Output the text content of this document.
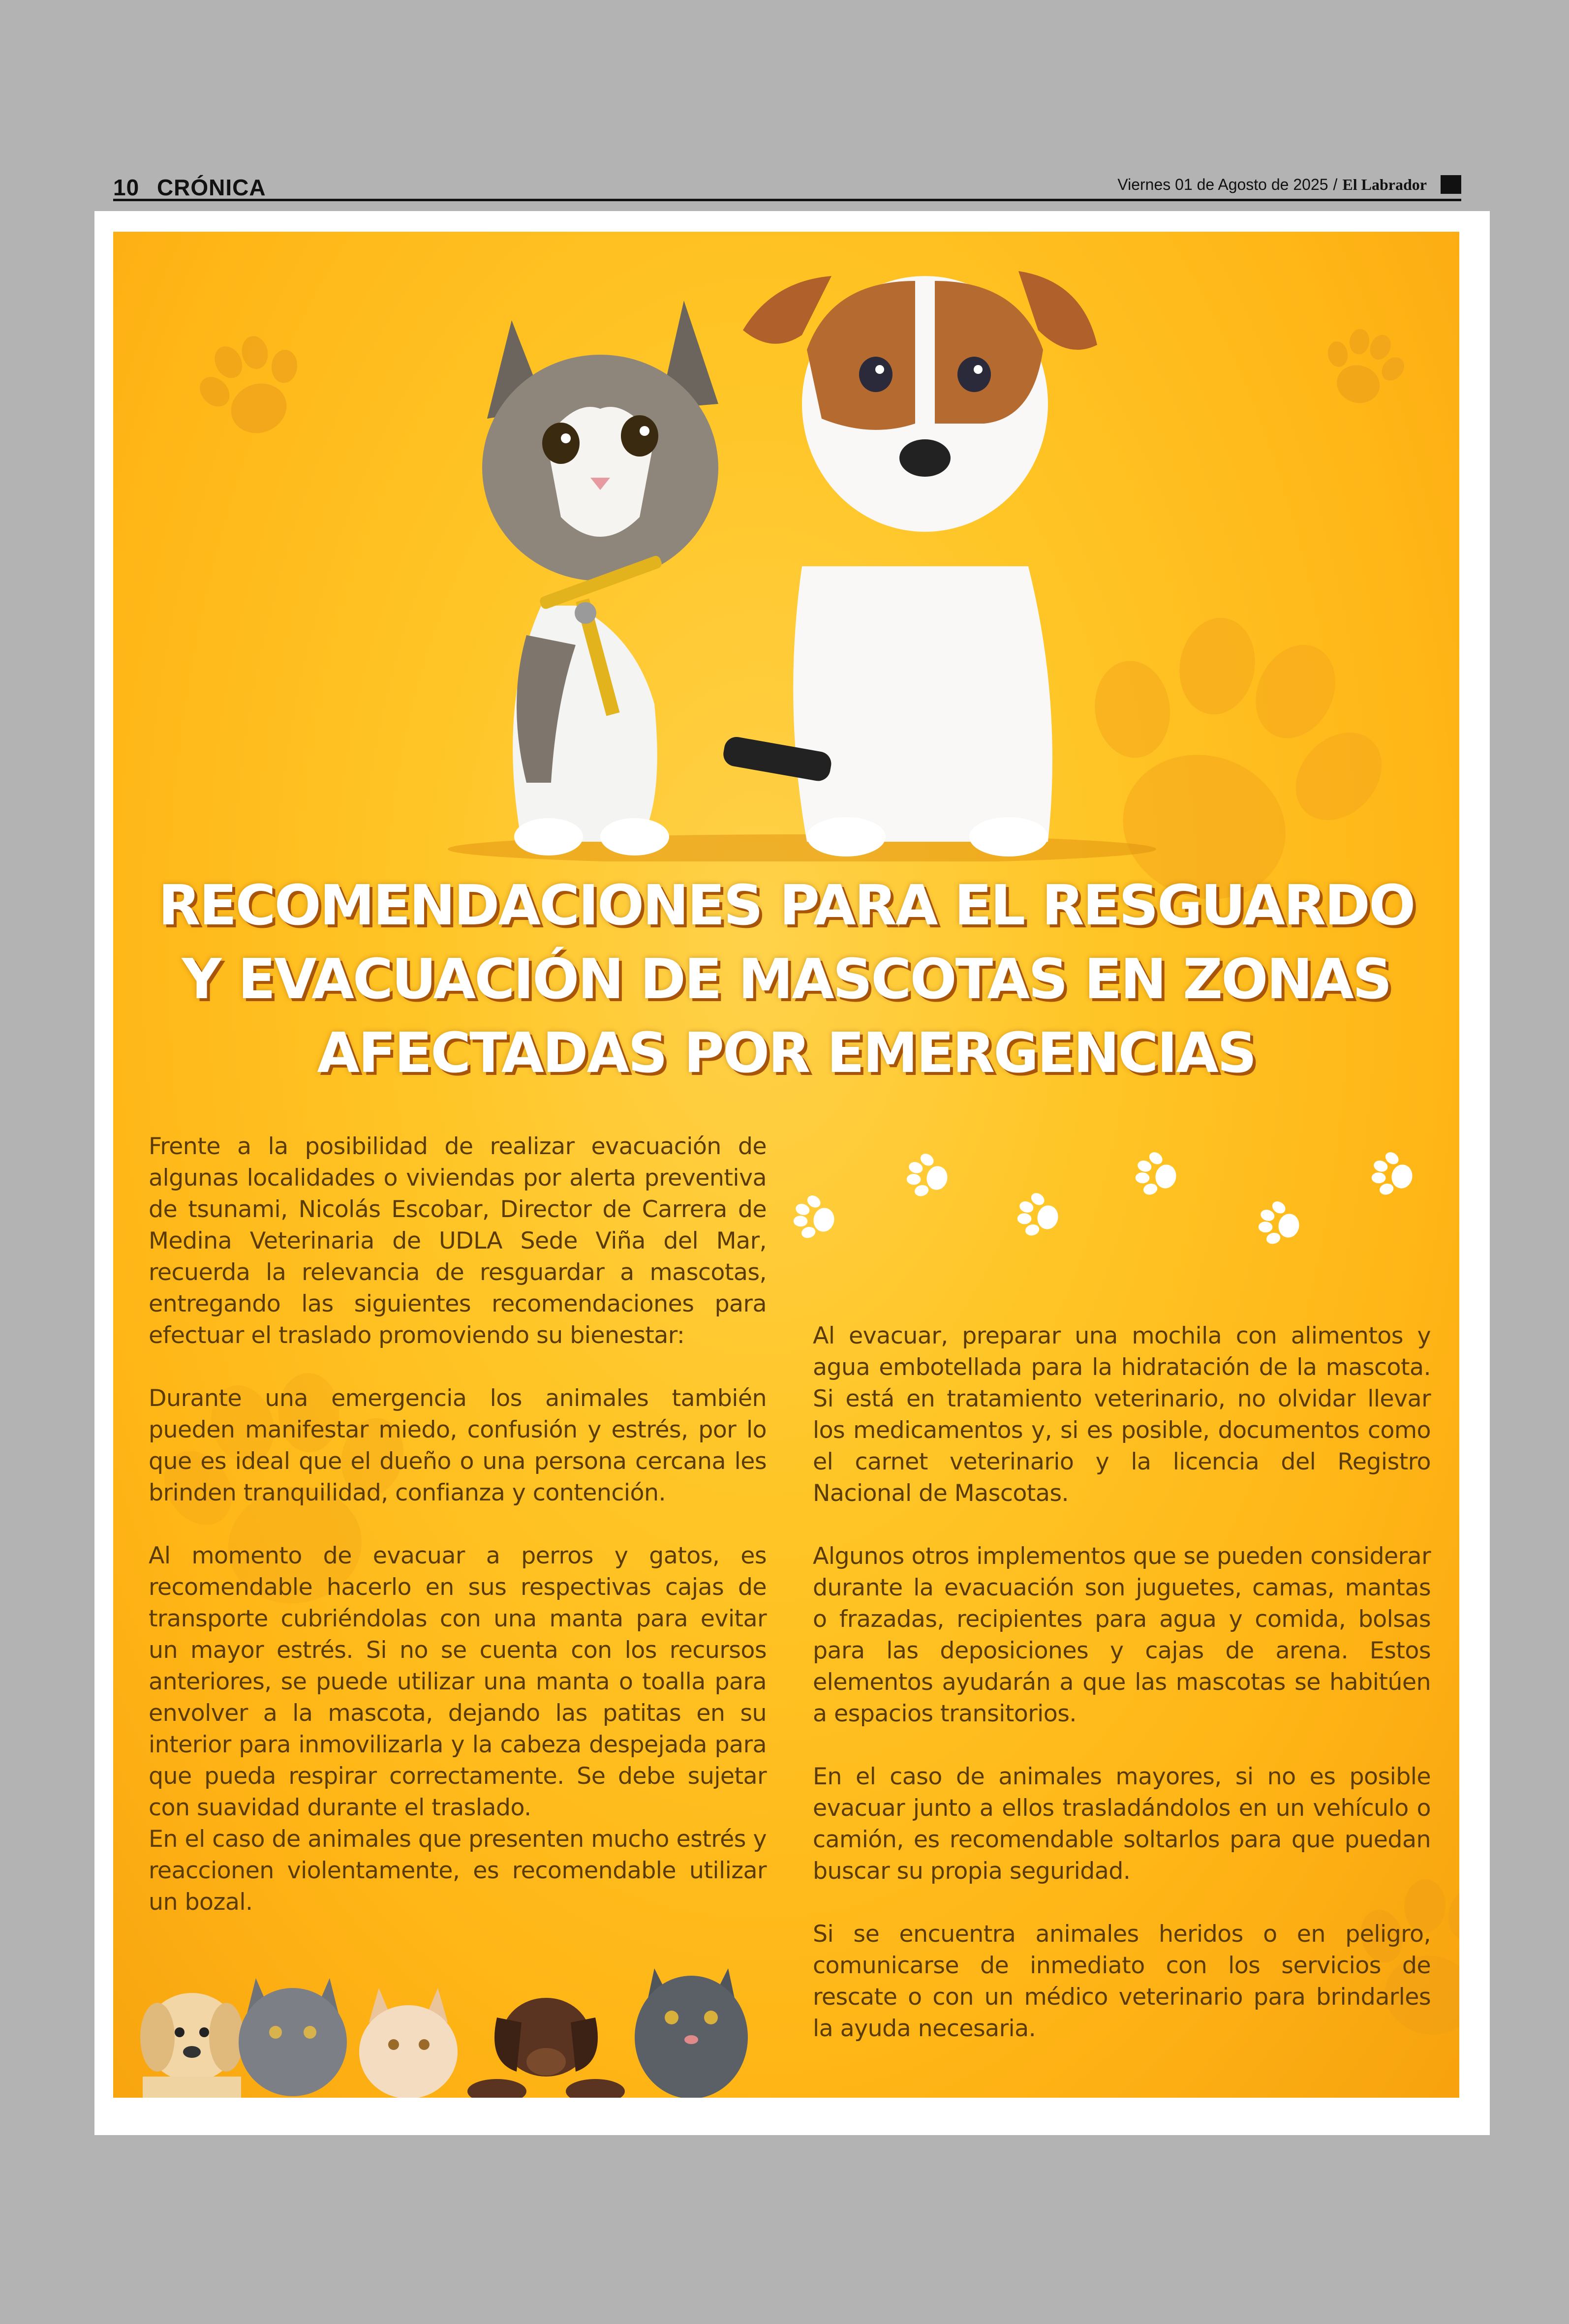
10 CRÓNICA	Viernes 01 de Agosto de 2025 / El Labrador
RECOMENDACIONES PARA EL RESGUARDO Y EVACUACIÓN DE MASCOTAS EN ZONAS AFECTADAS POR EMERGENCIAS

Frente a la posibilidad de realizar evacuación de algunas localidades o viviendas por alerta preventiva de tsunami, Nicolás Escobar, Director de Carrera de Medina Veterinaria de UDLA Sede Viña del Mar, recuerda la relevancia de resguardar a mascotas, entregando las siguientes recomendaciones para efectuar el traslado promoviendo su bienestar:

Durante una emergencia los animales también pueden manifestar miedo, confusión y estrés, por lo que es ideal que el dueño o una persona cercana les brinden tranquilidad, confianza y contención.

Al momento de evacuar a perros y gatos, es recomendable hacerlo en sus respectivas cajas de transporte cubriéndolas con una manta para evitar un mayor estrés. Si no se cuenta con los recursos anteriores, se puede utilizar una manta o toalla para envolver a la mascota, dejando las patitas en su interior para inmovilizarla y la cabeza despejada para que pueda respirar correctamente. Se debe sujetar con suavidad durante el traslado.

En el caso de animales que presenten mucho estrés y reaccionen violentamente, es recomendable utilizar un bozal.

Al evacuar, preparar una mochila con alimentos y agua embotellada para la hidratación de la mascota. Si está en tratamiento veterinario, no olvidar llevar los medicamentos y, si es posible, documentos como el carnet veterinario y la licencia del Registro Nacional de Mascotas.

Algunos otros implementos que se pueden considerar durante la evacuación son juguetes, camas, mantas o frazadas, recipientes para agua y comida, bolsas para las deposiciones y cajas de arena. Estos elementos ayudarán a que las mascotas se habitúen a espacios transitorios.

En el caso de animales mayores, si no es posible evacuar junto a ellos trasladándolos en un vehículo o camión, es recomendable soltarlos para que puedan buscar su propia seguridad.

Si se encuentra animales heridos o en peligro, comunicarse de inmediato con los servicios de rescate o con un médico veterinario para brindarles la ayuda necesaria.
